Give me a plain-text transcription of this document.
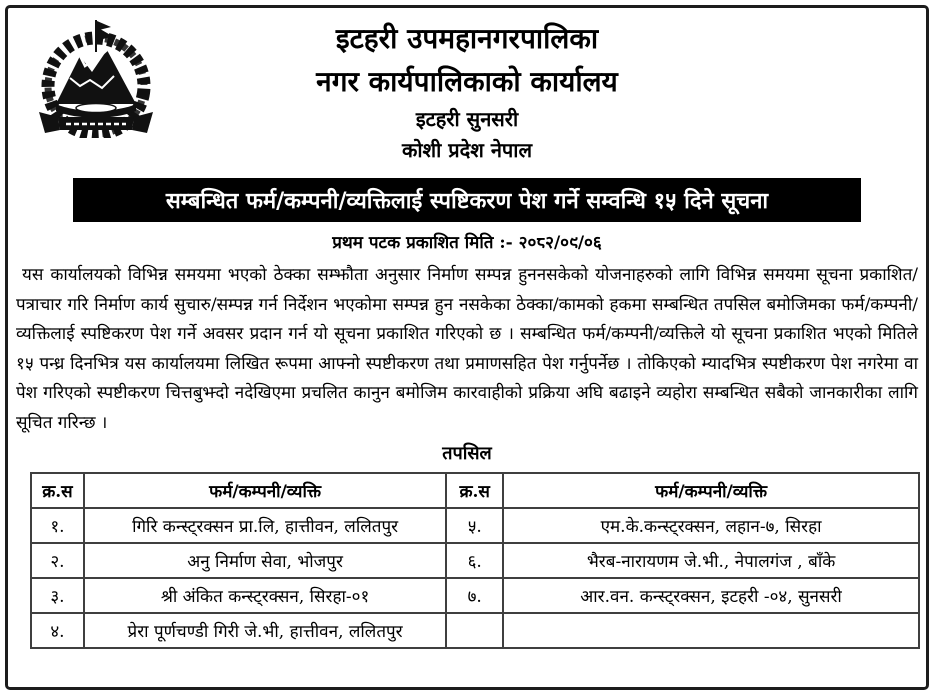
इटहरी उपमहानगरपालिका
नगर कार्यपालिकाको कार्यालय
इटहरी सुनसरी
कोशी प्रदेश नेपाल
सम्बन्धित फर्म/कम्पनी/व्यक्तिलाई स्पष्टिकरण पेश गर्ने सम्वन्धि १५ दिने सूचना
प्रथम पटक प्रकाशित मिति :- २०८२/०९/०६
यस कार्यालयको विभिन्न समयमा भएको ठेक्का सम्झौता अनुसार निर्माण सम्पन्न हुननसकेको योजनाहरुको लागि विभिन्न समयमा सूचना प्रकाशित/पत्राचार गरि निर्माण कार्य सुचारु/सम्पन्न गर्न निर्देशन भएकोमा सम्पन्न हुन नसकेका ठेक्का/कामको हकमा सम्बन्धित तपसिल बमोजिमका फर्म/कम्पनी/व्यक्तिलाई स्पष्टिकरण पेश गर्ने अवसर प्रदान गर्न यो सूचना प्रकाशित गरिएको छ । सम्बन्धित फर्म/कम्पनी/व्यक्तिले यो सूचना प्रकाशित भएको मितिले १५ पन्ध्र दिनभित्र यस कार्यालयमा लिखित रूपमा आफ्नो स्पष्टीकरण तथा प्रमाणसहित पेश गर्नुपर्नेछ । तोकिएको म्यादभित्र स्पष्टीकरण पेश नगरेमा वा पेश गरिएको स्पष्टीकरण चित्तबुझ्दो नदेखिएमा प्रचलित कानुन बमोजिम कारवाहीको प्रक्रिया अघि बढाइने व्यहोरा सम्बन्धित सबैको जानकारीका लागि सूचित गरिन्छ ।
तपसिल
क्र.स	फर्म/कम्पनी/व्यक्ति	क्र.स	फर्म/कम्पनी/व्यक्ति
१.	गिरि कन्स्ट्रक्सन प्रा.लि, हात्तीवन, ललितपुर	५.	एम.के.कन्स्ट्रक्सन, लहान-७, सिरहा
२.	अनु निर्माण सेवा, भोजपुर	६.	भैरब-नारायणम जे.भी., नेपालगंज , बाँके
३.	श्री अंकित कन्स्ट्रक्सन, सिरहा-०१	७.	आर.वन. कन्स्ट्रक्सन, इटहरी -०४, सुनसरी
४.	प्रेरा पूर्णचण्डी गिरी जे.भी, हात्तीवन, ललितपुर		
